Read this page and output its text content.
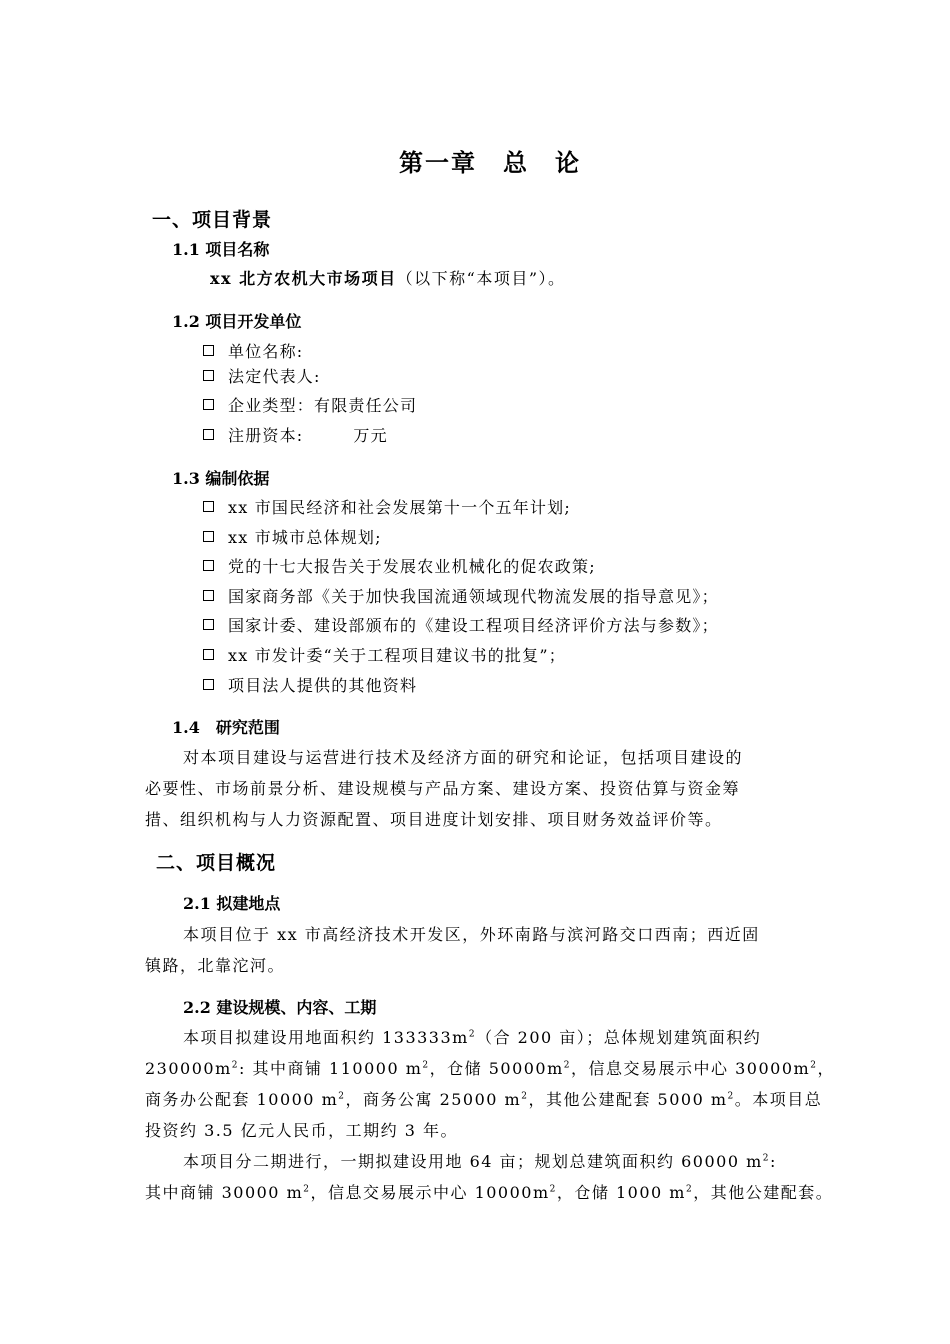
第一章　总　论
一、项目背景
1.1 项目名称
xx 北方农机大市场项目（以下称“本项目”）。
1.2 项目开发单位
单位名称:
法定代表人:
企业类型：有限责任公司
注册资本:	万元
1.3 编制依据
xx 市国民经济和社会发展第十一个五年计划;
xx 市城市总体规划;
党的十七大报告关于发展农业机械化的促农政策;
国家商务部《关于加快我国流通领域现代物流发展的指导意见》；
国家计委、建设部颁布的《建设工程项目经济评价方法与参数》；
xx 市发计委“关于工程项目建议书的批复”；
项目法人提供的其他资料
1.4　研究范围
对本项目建设与运营进行技术及经济方面的研究和论证，包括项目建设的
必要性、市场前景分析、建设规模与产品方案、建设方案、投资估算与资金筹
措、组织机构与人力资源配置、项目进度计划安排、项目财务效益评价等。
二、项目概况
2.1 拟建地点
本项目位于 xx 市高经济技术开发区，外环南路与滨河路交口西南；西近固
镇路，北靠沱河。
2.2 建设规模、内容、工期
本项目拟建设用地面积约 $133333m^2$（合 200 亩）；总体规划建筑面积约
$230000m^2$: 其中商铺 110000 $m^2$，仓储 $50000m^2$，信息交易展示中心 $30000m^2$，
商务办公配套 10000 $m^2$，商务公寓 25000 $m^2$，其他公建配套 5000 $m^2$。本项目总
投资约 3.5 亿元人民币，工期约 3 年。
本项目分二期进行，一期拟建设用地 64 亩；规划总建筑面积约 60000 $m^2$:
其中商铺 30000 $m^2$，信息交易展示中心 $10000m^2$，仓储 1000 $m^2$，其他公建配套。
